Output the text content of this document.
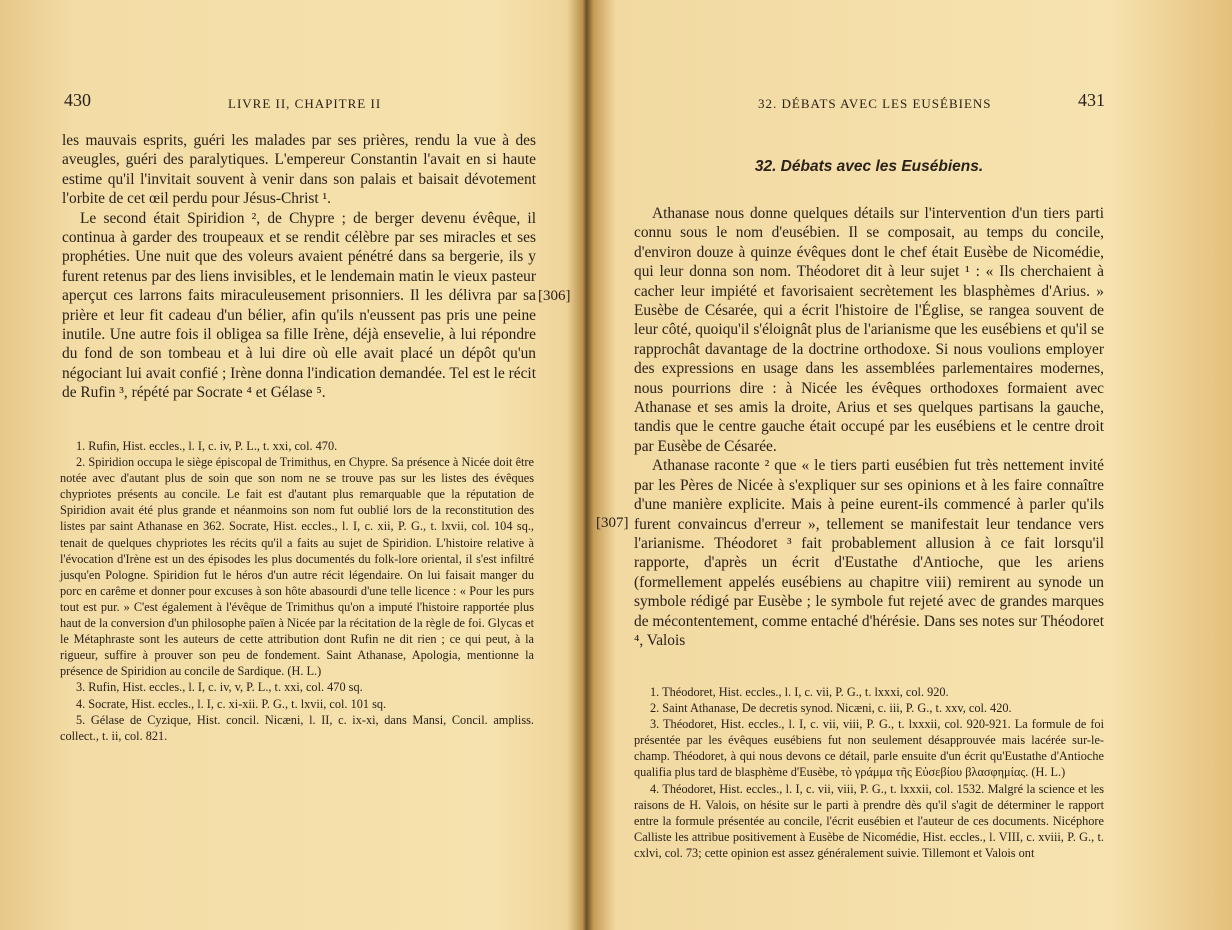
430	LIVRE II, CHAPITRE II

les mauvais esprits, guéri les malades par ses prières, rendu la vue à des aveugles, guéri des paralytiques. L'empereur Constantin l'avait en si haute estime qu'il l'invitait souvent à venir dans son palais et baisait dévotement l'orbite de cet œil perdu pour Jésus-Christ ¹.

Le second était Spiridion ², de Chypre ; de berger devenu évêque, il continua à garder des troupeaux et se rendit célèbre par ses miracles et ses prophéties. Une nuit que des voleurs avaient pénétré dans sa bergerie, ils y furent retenus par des liens invisibles, et le lendemain matin le vieux pasteur aperçut ces larrons faits miraculeusement prisonniers. Il les délivra par sa prière et leur fit cadeau d'un bélier, afin qu'ils n'eussent pas pris une peine inutile. Une autre fois il obligea sa fille Irène, déjà ensevelie, à lui répondre du fond de son tombeau et à lui dire où elle avait placé un dépôt qu'un négociant lui avait confié ; Irène donna l'indication demandée. Tel est le récit de Rufin ³, répété par Socrate ⁴ et Gélase ⁵.

[306]

1. Rufin, Hist. eccles., l. I, c. iv, P. L., t. xxi, col. 470.

2. Spiridion occupa le siège épiscopal de Trimithus, en Chypre. Sa présence à Nicée doit être notée avec d'autant plus de soin que son nom ne se trouve pas sur les listes des évêques chypriotes présents au concile. Le fait est d'autant plus remarquable que la réputation de Spiridion avait été plus grande et néanmoins son nom fut oublié lors de la reconstitution des listes par saint Athanase en 362. Socrate, Hist. eccles., l. I, c. xii, P. G., t. lxvii, col. 104 sq., tenait de quelques chypriotes les récits qu'il a faits au sujet de Spiridion. L'histoire relative à l'évocation d'Irène est un des épisodes les plus documentés du folk-lore oriental, il s'est infiltré jusqu'en Pologne. Spiridion fut le héros d'un autre récit légendaire. On lui faisait manger du porc en carême et donner pour excuses à son hôte abasourdi d'une telle licence : « Pour les purs tout est pur. » C'est également à l'évêque de Trimithus qu'on a imputé l'histoire rapportée plus haut de la conversion d'un philosophe païen à Nicée par la récitation de la règle de foi. Glycas et le Métaphraste sont les auteurs de cette attribution dont Rufin ne dit rien ; ce qui peut, à la rigueur, suffire à prouver son peu de fondement. Saint Athanase, Apologia, mentionne la présence de Spiridion au concile de Sardique. (H. L.)

3. Rufin, Hist. eccles., l. I, c. iv, v, P. L., t. xxi, col. 470 sq.

4. Socrate, Hist. eccles., l. I, c. xi-xii. P. G., t. lxvii, col. 101 sq.

5. Gélase de Cyzique, Hist. concil. Nicæni, l. II, c. ix-xi, dans Mansi, Concil. ampliss. collect., t. ii, col. 821.

32. DÉBATS AVEC LES EUSÉBIENS	431
32. Débats avec les Eusébiens.
[307]

Athanase nous donne quelques détails sur l'intervention d'un tiers parti connu sous le nom d'eusébien. Il se composait, au temps du concile, d'environ douze à quinze évêques dont le chef était Eusèbe de Nicomédie, qui leur donna son nom. Théodoret dit à leur sujet ¹ : « Ils cherchaient à cacher leur impiété et favorisaient secrètement les blasphèmes d'Arius. » Eusèbe de Césarée, qui a écrit l'histoire de l'Église, se rangea souvent de leur côté, quoiqu'il s'éloignât plus de l'arianisme que les eusébiens et qu'il se rapprochât davantage de la doctrine orthodoxe. Si nous voulions employer des expressions en usage dans les assemblées parlementaires modernes, nous pourrions dire : à Nicée les évêques orthodoxes formaient avec Athanase et ses amis la droite, Arius et ses quelques partisans la gauche, tandis que le centre gauche était occupé par les eusébiens et le centre droit par Eusèbe de Césarée.

Athanase raconte ² que « le tiers parti eusébien fut très nettement invité par les Pères de Nicée à s'expliquer sur ses opinions et à les faire connaître d'une manière explicite. Mais à peine eurent-ils commencé à parler qu'ils furent convaincus d'erreur », tellement se manifestait leur tendance vers l'arianisme. Théodoret ³ fait probablement allusion à ce fait lorsqu'il rapporte, d'après un écrit d'Eustathe d'Antioche, que les ariens (formellement appelés eusébiens au chapitre viii) remirent au synode un symbole rédigé par Eusèbe ; le symbole fut rejeté avec de grandes marques de mécontentement, comme entaché d'hérésie. Dans ses notes sur Théodoret ⁴, Valois

1. Théodoret, Hist. eccles., l. I, c. vii, P. G., t. lxxxi, col. 920.

2. Saint Athanase, De decretis synod. Nicæni, c. iii, P. G., t. xxv, col. 420.

3. Théodoret, Hist. eccles., l. I, c. vii, viii, P. G., t. lxxxii, col. 920-921. La formule de foi présentée par les évêques eusébiens fut non seulement désapprouvée mais lacérée sur-le-champ. Théodoret, à qui nous devons ce détail, parle ensuite d'un écrit qu'Eustathe d'Antioche qualifia plus tard de blasphème d'Eusèbe, τὸ γράμμα τῆς Εὐσεβίου βλασφημίας. (H. L.)

4. Théodoret, Hist. eccles., l. I, c. vii, viii, P. G., t. lxxxii, col. 1532. Malgré la science et les raisons de H. Valois, on hésite sur le parti à prendre dès qu'il s'agit de déterminer le rapport entre la formule présentée au concile, l'écrit eusébien et l'auteur de ces documents. Nicéphore Calliste les attribue positivement à Eusèbe de Nicomédie, Hist. eccles., l. VIII, c. xviii, P. G., t. cxlvi, col. 73; cette opinion est assez généralement suivie. Tillemont et Valois ont
